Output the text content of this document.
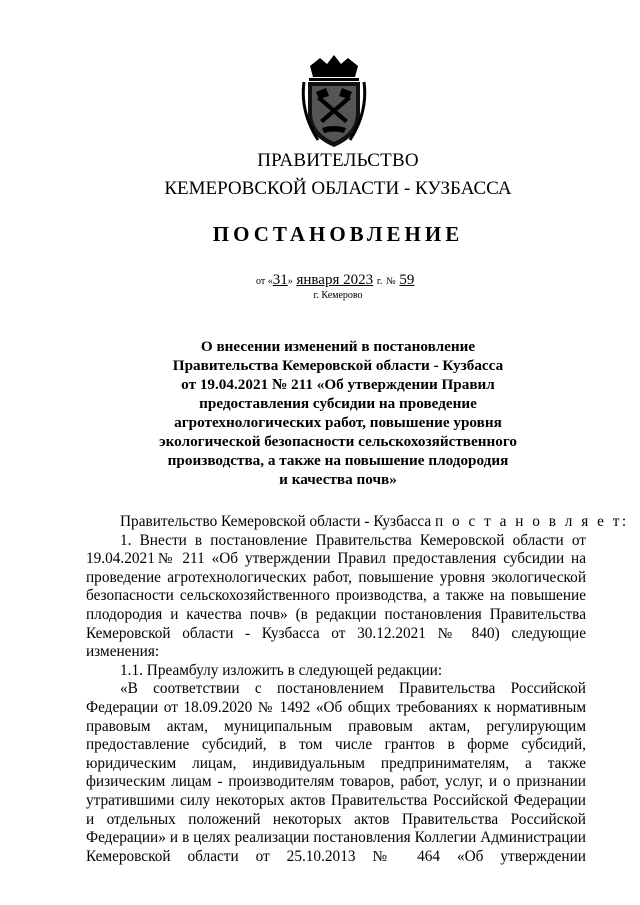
ПРАВИТЕЛЬСТВО
КЕМЕРОВСКОЙ ОБЛАСТИ - КУЗБАССА
ПОСТАНОВЛЕНИЕ
от «31» января 2023 г. № 59
г. Кемерово
О внесении изменений в постановление
Правительства Кемеровской области - Кузбасса
от 19.04.2021 № 211 «Об утверждении Правил
предоставления субсидии на проведение
агротехнологических работ, повышение уровня
экологической безопасности сельскохозяйственного
производства, а также на повышение плодородия
и качества почв»
Правительство Кемеровской области - Кузбасса п о с т а н о в л я е т:
1. Внести в постановление Правительства Кемеровской области от
19.04.2021№ 211 «Об утверждении Правил предоставления субсидии на
проведение агротехнологических работ, повышение уровня экологической
безопасности сельскохозяйственного производства, а также на повышение
плодородия и качества почв» (в редакции постановления Правительства
Кемеровской области - Кузбасса от 30.12.2021 № 840) следующие
изменения:
1.1. Преамбулу изложить в следующей редакции:
«В соответствии с постановлением Правительства Российской
Федерации от 18.09.2020 № 1492 «Об общих требованиях к нормативным
правовым актам, муниципальным правовым актам, регулирующим
предоставление субсидий, в том числе грантов в форме субсидий,
юридическим лицам, индивидуальным предпринимателям, а также
физическим лицам - производителям товаров, работ, услуг, и о признании
утратившими силу некоторых актов Правительства Российской Федерации
и отдельных положений некоторых актов Правительства Российской
Федерации» и в целях реализации постановления Коллегии Администрации
Кемеровской области от 25.10.2013 № 464 «Об утверждении
